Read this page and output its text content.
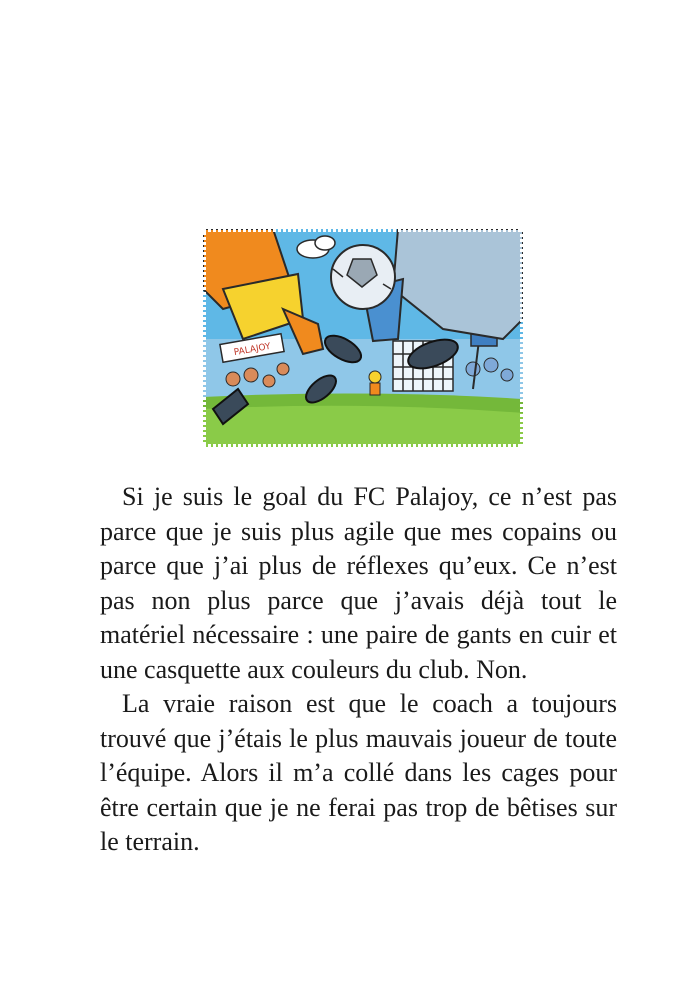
PALAJOY

Si je suis le goal du FC Palajoy, ce n’est pas parce que je suis plus agile que mes copains ou parce que j’ai plus de réflexes qu’eux. Ce n’est pas non plus parce que j’avais déjà tout le matériel nécessaire : une paire de gants en cuir et une casquette aux couleurs du club. Non.

La vraie raison est que le coach a toujours trouvé que j’étais le plus mauvais joueur de toute l’équipe. Alors il m’a collé dans les cages pour être certain que je ne ferai pas trop de bêtises sur le terrain.
